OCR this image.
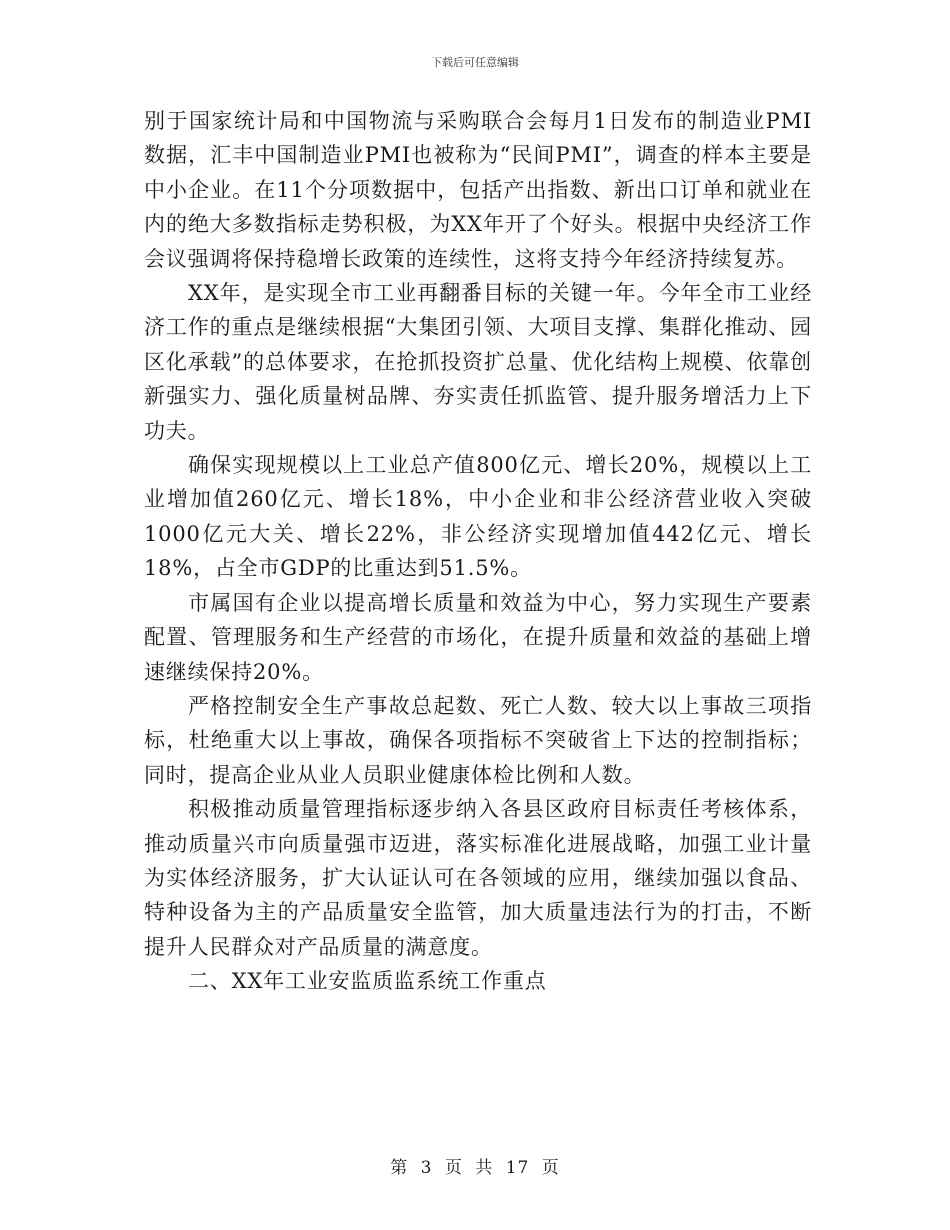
下载后可任意编辑

别于国家统计局和中国物流与采购联合会每月1日发布的制造业PMI数据，汇丰中国制造业PMI也被称为“民间PMI”，调查的样本主要是中小企业。在11个分项数据中，包括产出指数、新出口订单和就业在内的绝大多数指标走势积极，为XX年开了个好头。根据中央经济工作会议强调将保持稳增长政策的连续性，这将支持今年经济持续复苏。

XX年，是实现全市工业再翻番目标的关键一年。今年全市工业经济工作的重点是继续根据“大集团引领、大项目支撑、集群化推动、园区化承载”的总体要求，在抢抓投资扩总量、优化结构上规模、依靠创新强实力、强化质量树品牌、夯实责任抓监管、提升服务增活力上下功夫。

确保实现规模以上工业总产值800亿元、增长20%，规模以上工业增加值260亿元、增长18%，中小企业和非公经济营业收入突破1000亿元大关、增长22%，非公经济实现增加值442亿元、增长18%，占全市GDP的比重达到51.5%。

市属国有企业以提高增长质量和效益为中心，努力实现生产要素配置、管理服务和生产经营的市场化，在提升质量和效益的基础上增速继续保持20%。

严格控制安全生产事故总起数、死亡人数、较大以上事故三项指标，杜绝重大以上事故，确保各项指标不突破省上下达的控制指标；同时，提高企业从业人员职业健康体检比例和人数。

积极推动质量管理指标逐步纳入各县区政府目标责任考核体系，推动质量兴市向质量强市迈进，落实标准化进展战略，加强工业计量为实体经济服务，扩大认证认可在各领域的应用，继续加强以食品、特种设备为主的产品质量安全监管，加大质量违法行为的打击，不断提升人民群众对产品质量的满意度。

二、XX年工业安监质监系统工作重点

第 3 页 共 17 页
